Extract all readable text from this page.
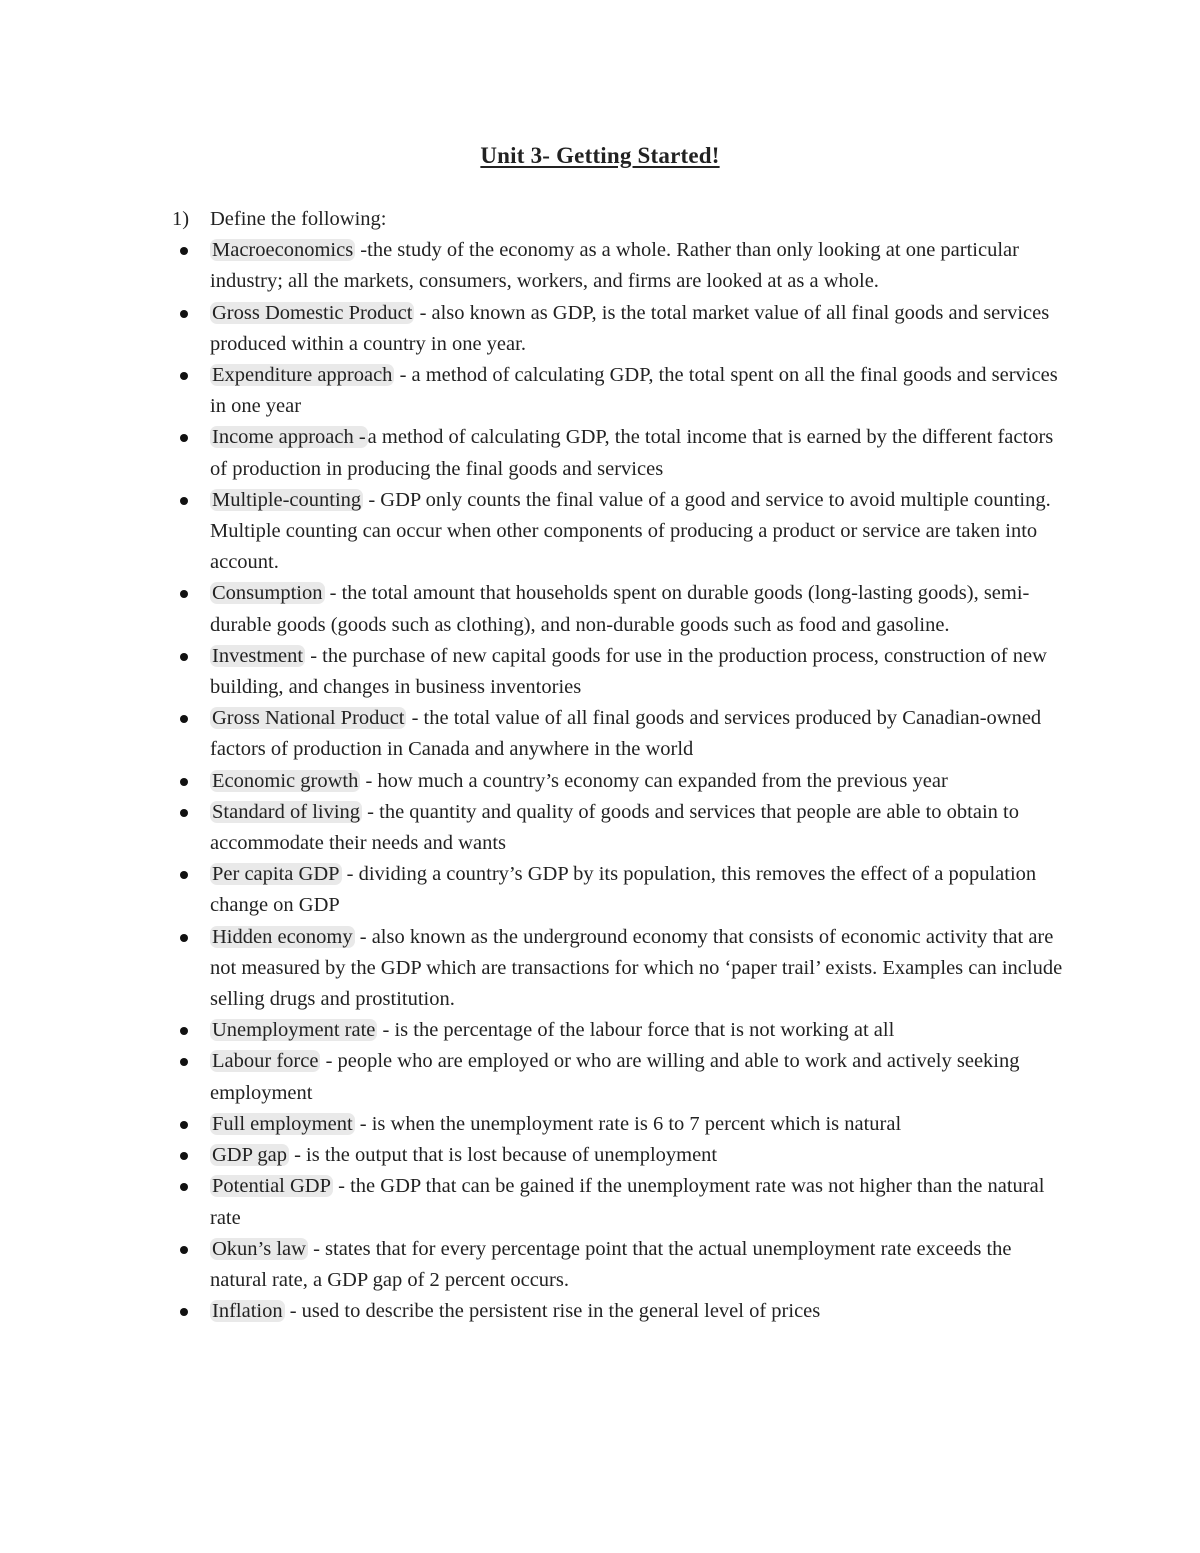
Unit 3- Getting Started!
1)	Define the following:
Macroeconomics -the study of the economy as a whole. Rather than only looking at one particular industry; all the markets, consumers, workers, and firms are looked at as a whole.
Gross Domestic Product - also known as GDP, is the total market value of all final goods and services produced within a country in one year.
Expenditure approach - a method of calculating GDP, the total spent on all the final goods and services in one year
Income approach -a method of calculating GDP, the total income that is earned by the different factors of production in producing the final goods and services
Multiple-counting - GDP only counts the final value of a good and service to avoid multiple counting. Multiple counting can occur when other components of producing a product or service are taken into account.
Consumption - the total amount that households spent on durable goods (long-lasting goods), semi-durable goods (goods such as clothing), and non-durable goods such as food and gasoline.
Investment - the purchase of new capital goods for use in the production process, construction of new building, and changes in business inventories
Gross National Product - the total value of all final goods and services produced by Canadian-owned factors of production in Canada and anywhere in the world
Economic growth - how much a country’s economy can expanded from the previous year
Standard of living - the quantity and quality of goods and services that people are able to obtain to accommodate their needs and wants
Per capita GDP - dividing a country’s GDP by its population, this removes the effect of a population change on GDP
Hidden economy - also known as the underground economy that consists of economic activity that are not measured by the GDP which are transactions for which no ‘paper trail’ exists. Examples can include selling drugs and prostitution.
Unemployment rate - is the percentage of the labour force that is not working at all
Labour force - people who are employed or who are willing and able to work and actively seeking employment
Full employment - is when the unemployment rate is 6 to 7 percent which is natural
GDP gap - is the output that is lost because of unemployment
Potential GDP - the GDP that can be gained if the unemployment rate was not higher than the natural rate
Okun’s law - states that for every percentage point that the actual unemployment rate exceeds the natural rate, a GDP gap of 2 percent occurs.
Inflation - used to describe the persistent rise in the general level of prices
